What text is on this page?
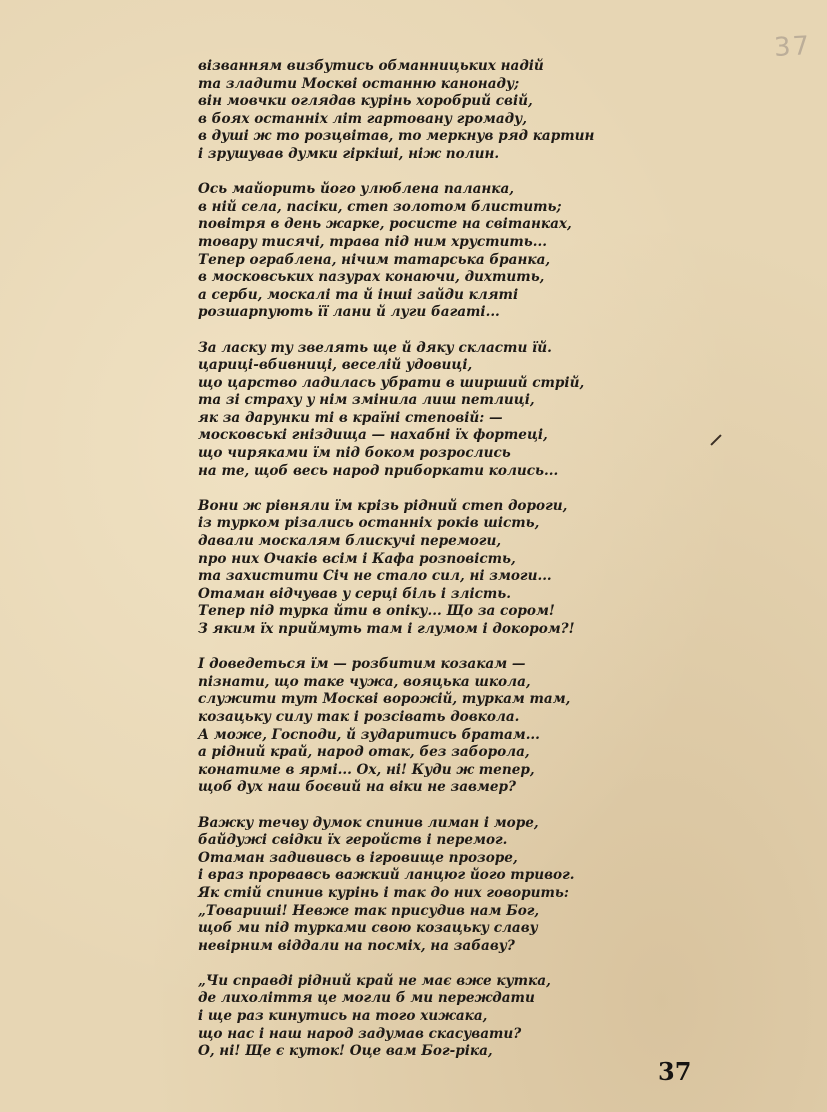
37
візванням визбутись обманницьких надій
та зладити Москві останню канонаду;
він мовчки оглядав курінь хоробрий свій,
в боях останніх літ гартовану громаду,
в душі ж то розцвітав, то меркнув ряд картин
і зрушував думки гіркіші, ніж полин.
Ось майорить його улюблена паланка,
в ній села, пасіки, степ золотом блистить;
повітря в день жарке, росисте на світанках,
товару тисячі, трава під ним хрустить...
Тепер ограблена, нічим татарська бранка,
в московських пазурах конаючи, дихтить,
а серби, москалі та й інші зайди кляті
розшарпують її лани й луги багаті...
За ласку ту звелять ще й дяку скласти їй.
цариці-вбивниці, веселій удовиці,
що царство ладилась убрати в ширший стрій,
та зі страху у нім змінила лиш петлиці,
як за дарунки ті в країні степовій: —
московські гніздища — нахабні їх фортеці,
що чиряками їм під боком розрослись
на те, щоб весь народ приборкати колись...
Вони ж рівняли їм крізь рідний степ дороги,
із турком різались останніх років шість,
давали москалям блискучі перемоги,
про них Очаків всім і Кафа розповість,
та захистити Січ не стало сил, ні змоги...
Отаман відчував у серці біль і злість.
Тепер під турка йти в опіку... Що за сором!
З яким їх приймуть там і глумом і докором?!
І доведеться їм — розбитим козакам —
пізнати, що таке чужа, вояцька школа,
служити тут Москві ворожій, туркам там,
козацьку силу так і розсівать довкола.
А може, Господи, й зударитись братам...
а рідний край, народ отак, без заборола,
конатиме в ярмі... Ох, ні! Куди ж тепер,
щоб дух наш боєвий на віки не завмер?
Важку течву думок спинив лиман і море,
байдужі свідки їх геройств і перемог.
Отаман задививсь в ігровище прозоре,
і враз прорвавсь важкий ланцюг його тривог.
Як стій спинив курінь і так до них говорить:
„Товариші! Невже так присудив нам Бог,
щоб ми під турками свою козацьку славу
невірним віддали на посміх, на забаву?
„Чи справді рідний край не має вже кутка,
де лихоліття це могли б ми переждати
і ще раз кинутись на того хижака,
що нас і наш народ задумав скасувати?
О, ні! Ще є куток! Оце вам Бог-ріка,
37
